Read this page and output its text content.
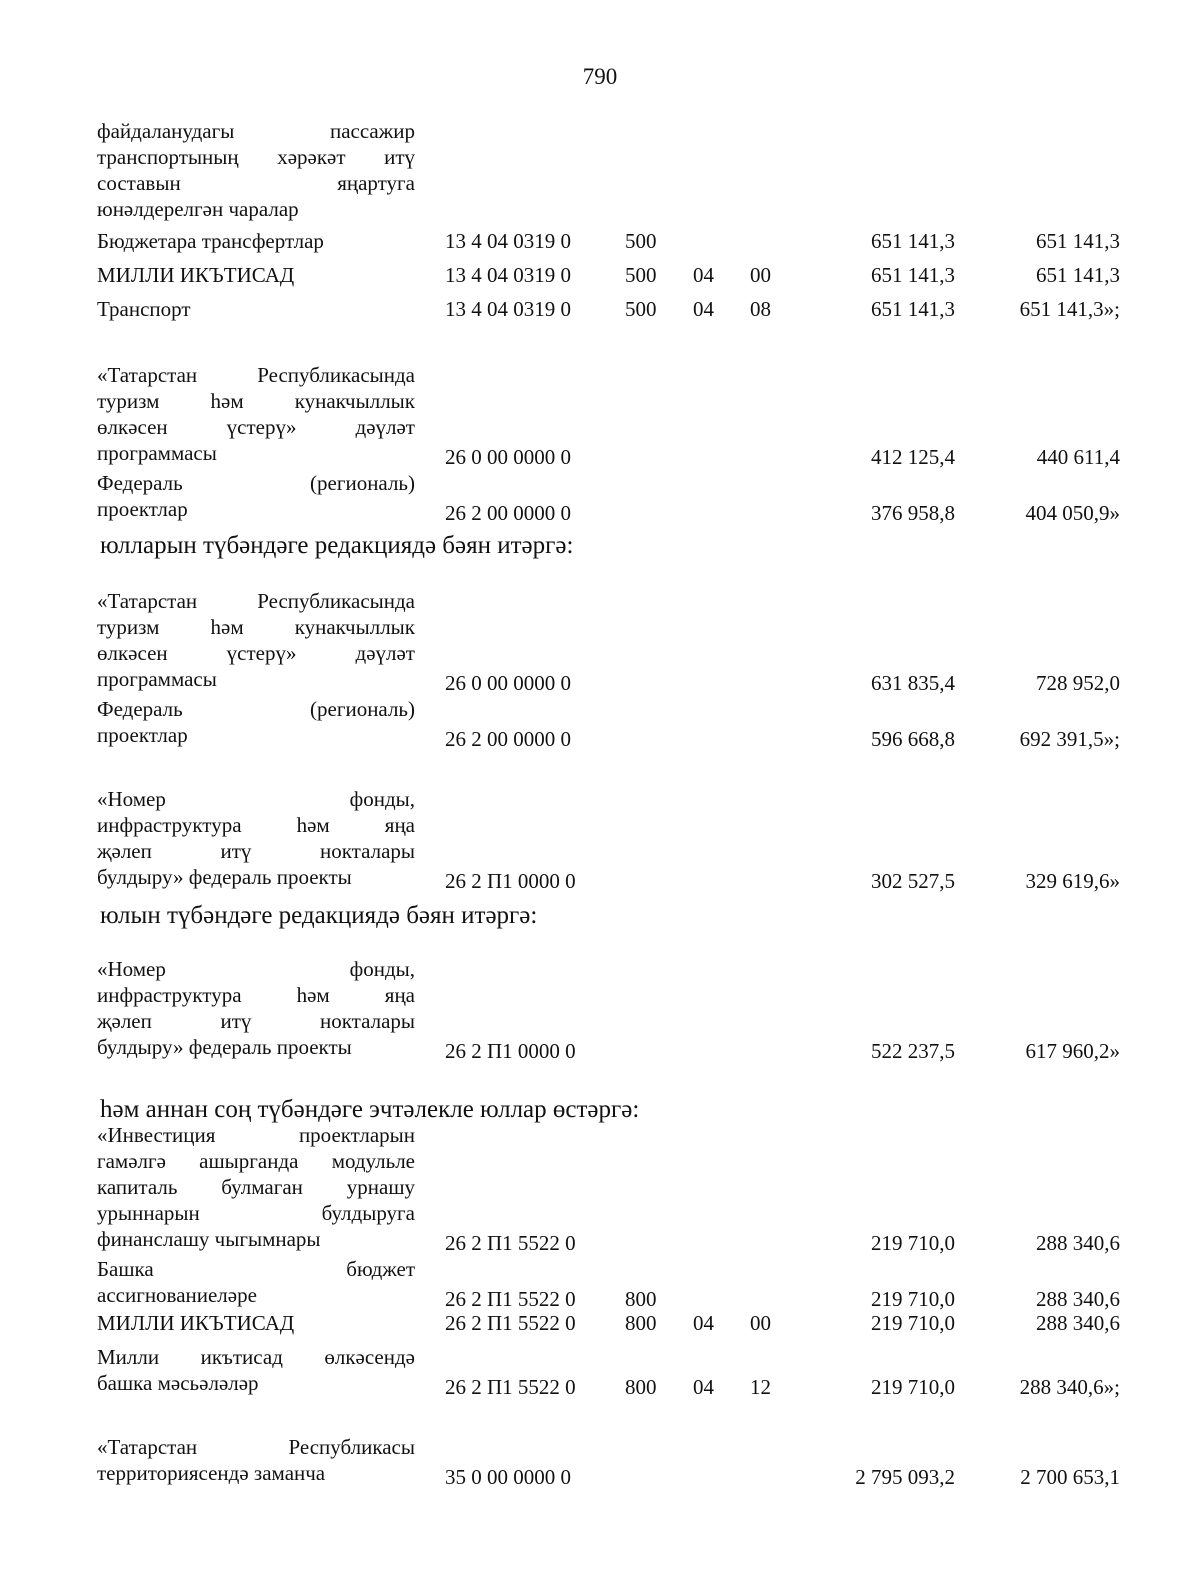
790
файдаланудагы пассажир
транспортының хәрәкәт итү
составын яңартуга
юнәлдерелгән чаралар
Бюджетара трансфертлар	13 4 04 0319 0	500	651 141,3	651 141,3
МИЛЛИ ИКЪТИСАД	13 4 04 0319 0	500 04 00	651 141,3	651 141,3
Транспорт	13 4 04 0319 0	500 04 08	651 141,3	651 141,3»;
«Татарстан Республикасында
туризм һәм кунакчыллык
өлкәсен үстерү» дәүләт
программасы	26 0 00 0000 0	412 125,4	440 611,4
Федераль (региональ)
проектлар	26 2 00 0000 0	376 958,8	404 050,9»
юлларын түбәндәге редакциядә бәян итәргә:
«Татарстан Республикасында
туризм һәм кунакчыллык
өлкәсен үстерү» дәүләт
программасы	26 0 00 0000 0	631 835,4	728 952,0
Федераль (региональ)
проектлар	26 2 00 0000 0	596 668,8	692 391,5»;
«Номер фонды,
инфраструктура һәм яңа
җәлеп итү нокталары
булдыру» федераль проекты	26 2 П1 0000 0	302 527,5	329 619,6»
юлын түбәндәге редакциядә бәян итәргә:
«Номер фонды,
инфраструктура һәм яңа
җәлеп итү нокталары
булдыру» федераль проекты	26 2 П1 0000 0	522 237,5	617 960,2»
һәм аннан соң түбәндәге эчтәлекле юллар өстәргә:
«Инвестиция проектларын
гамәлгә ашырганда модульле
капиталь булмаган урнашу
урыннарын булдыруга
финанслашу чыгымнары	26 2 П1 5522 0	219 710,0	288 340,6
Башка бюджет
ассигнованиеләре	26 2 П1 5522 0 800	219 710,0	288 340,6
МИЛЛИ ИКЪТИСАД	26 2 П1 5522 0 800 04 00	219 710,0	288 340,6
Милли икътисад өлкәсендә
башка мәсьәләләр	26 2 П1 5522 0 800 04 12	219 710,0	288 340,6»;
«Татарстан Республикасы
территориясендә заманча	35 0 00 0000 0	2 795 093,2	2 700 653,1
